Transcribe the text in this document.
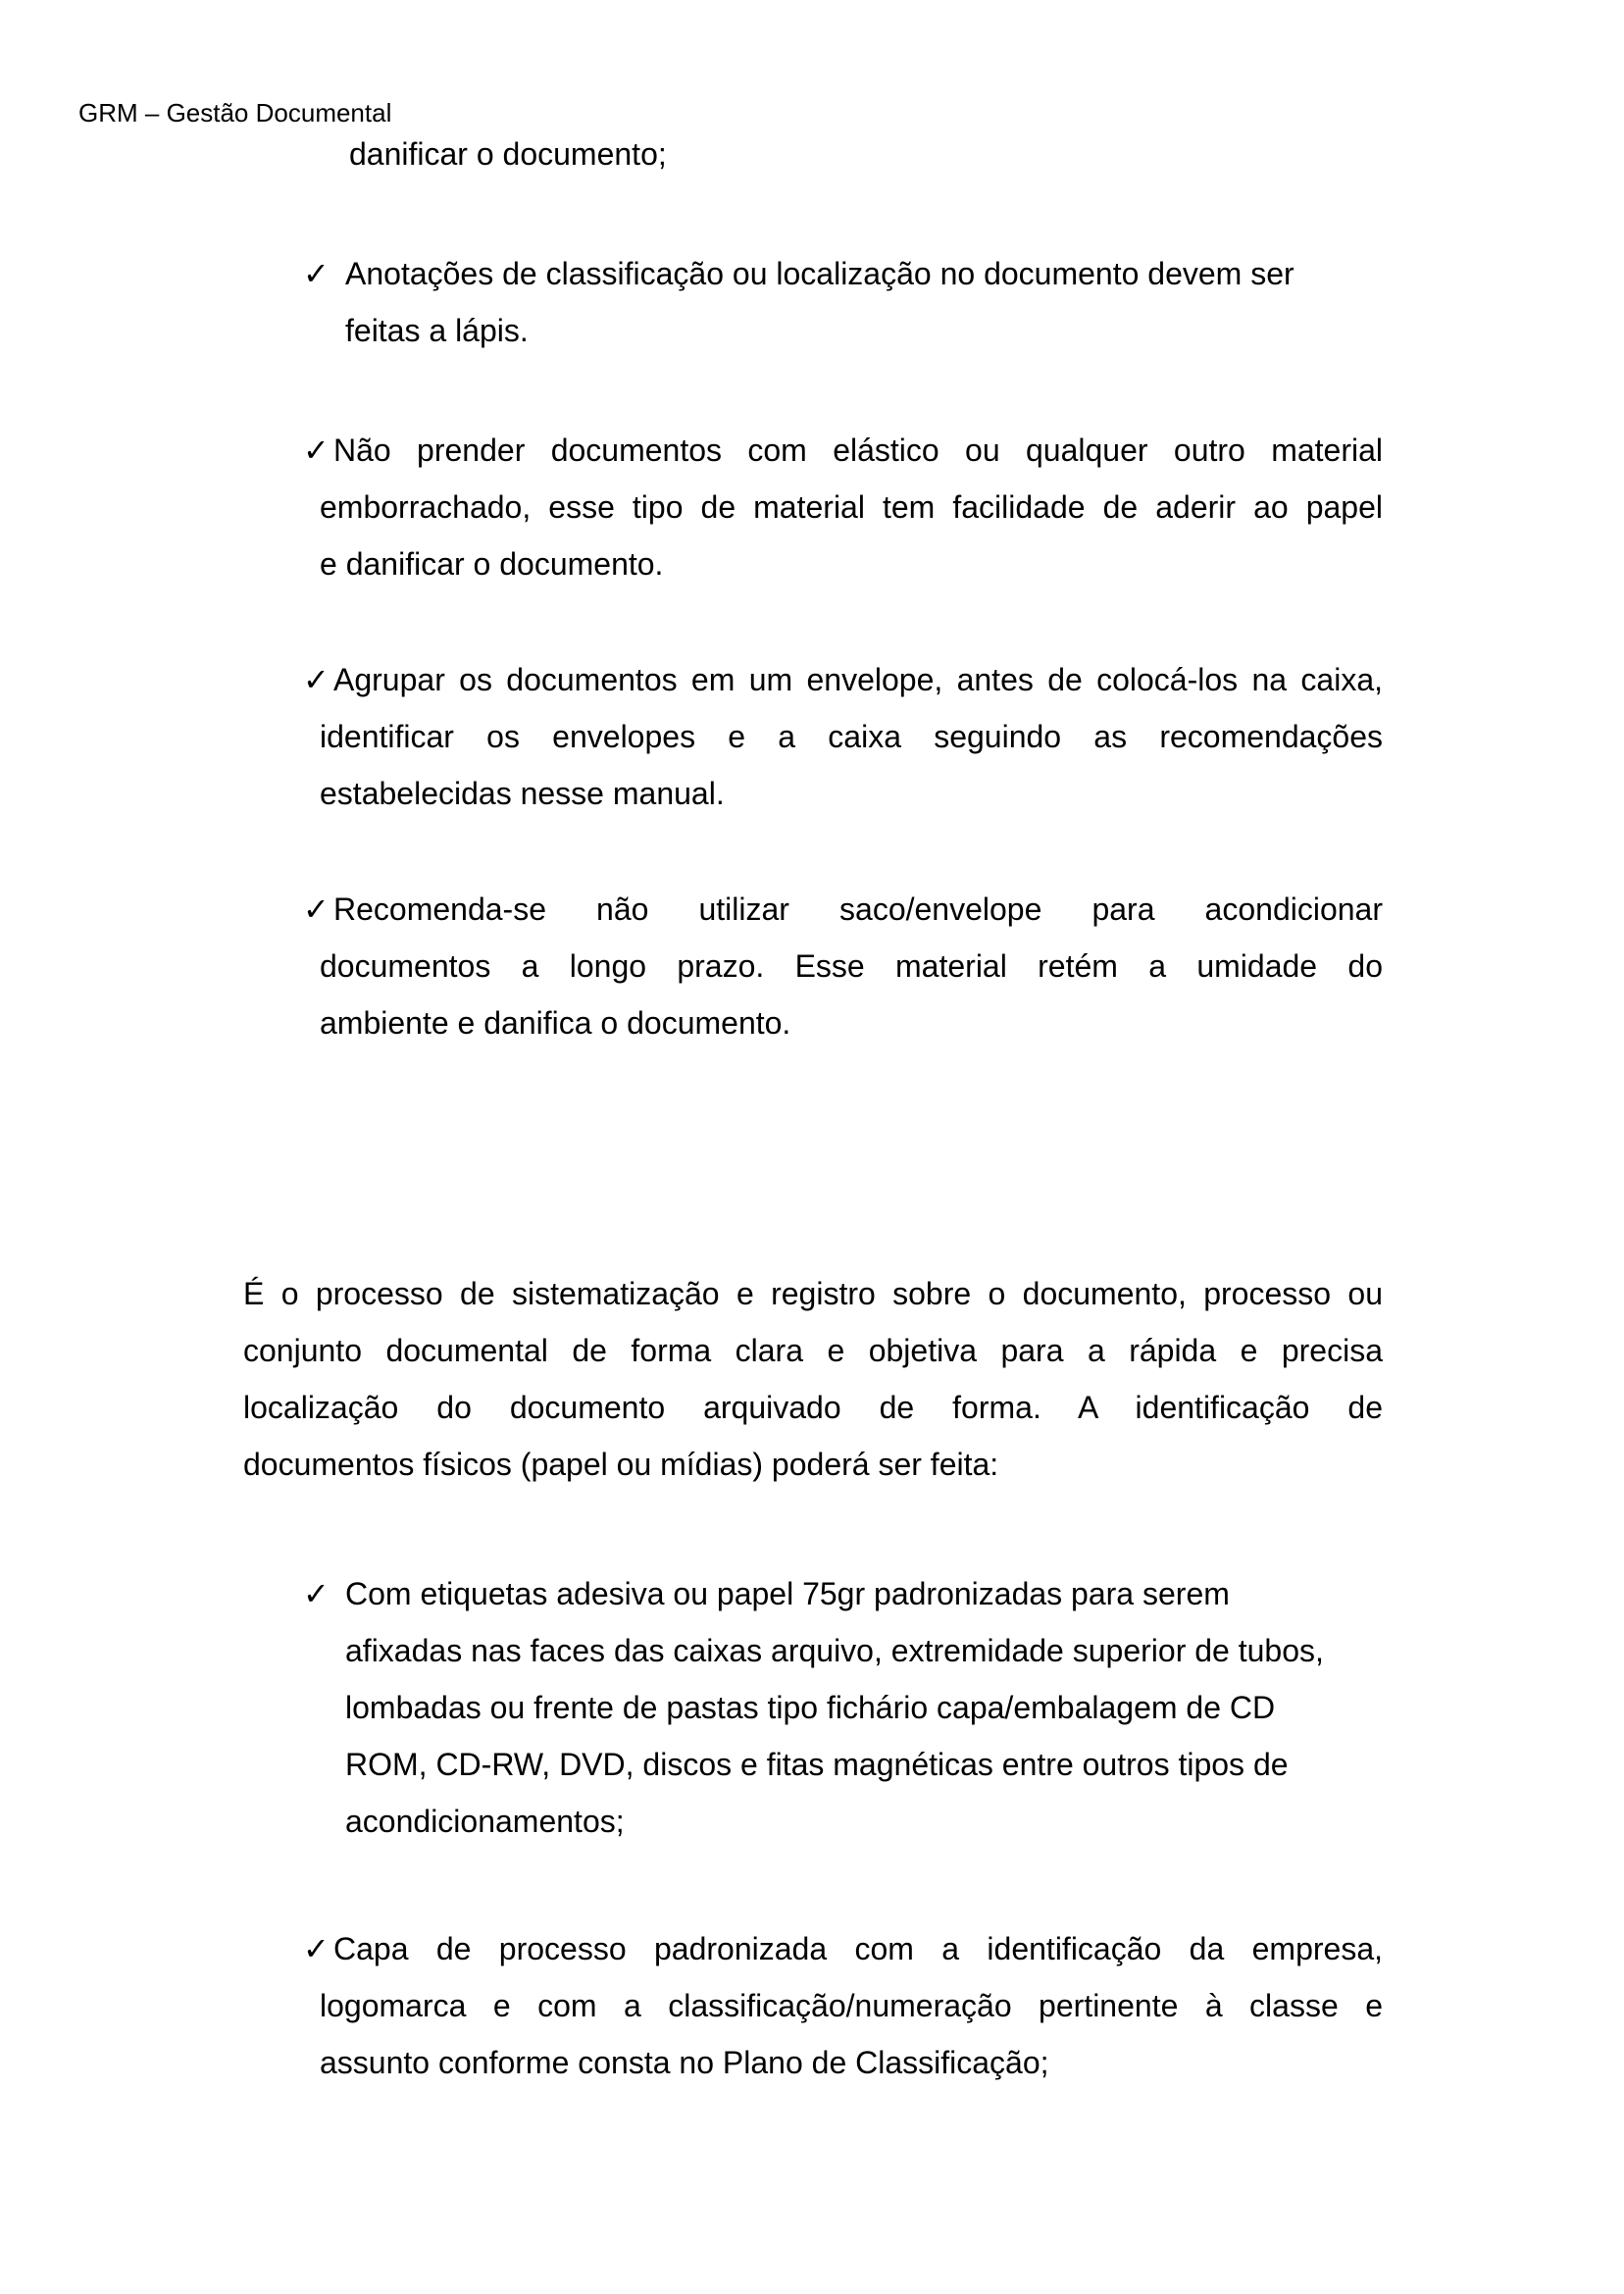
GRM – Gestão Documental
danificar o documento;
✓ Anotações de classificação ou localização no documento devem ser
feitas a lápis.
✓ Não prender documentos com elástico ou qualquer outro material
emborrachado, esse tipo de material tem facilidade de aderir ao papel
e danificar o documento.
✓ Agrupar os documentos em um envelope, antes de colocá-los na caixa,
identificar os envelopes e a caixa seguindo as recomendações
estabelecidas nesse manual.
✓ Recomenda-se não utilizar saco/envelope para acondicionar
documentos a longo prazo. Esse material retém a umidade do
ambiente e danifica o documento.
É o processo de sistematização e registro sobre o documento, processo ou
conjunto documental de forma clara e objetiva para a rápida e precisa
localização do documento arquivado de forma. A identificação de
documentos físicos (papel ou mídias) poderá ser feita:
✓ Com etiquetas adesiva ou papel 75gr padronizadas para serem
afixadas nas faces das caixas arquivo, extremidade superior de tubos,
lombadas ou frente de pastas tipo fichário capa/embalagem de CD
ROM, CD-RW, DVD, discos e fitas magnéticas entre outros tipos de
acondicionamentos;
✓ Capa de processo padronizada com a identificação da empresa,
logomarca e com a classificação/numeração pertinente à classe e
assunto conforme consta no Plano de Classificação;
